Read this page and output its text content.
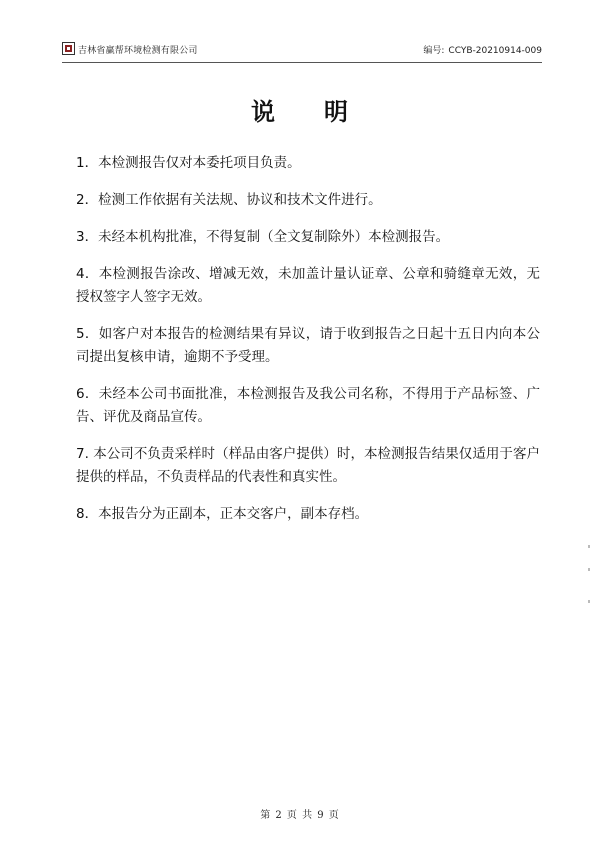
吉林省赢帮环境检测有限公司	编号: CCYB-20210914-009
说 明
1．本检测报告仅对本委托项目负责。
2．检测工作依据有关法规、协议和技术文件进行。
3．未经本机构批准，不得复制（全文复制除外）本检测报告。
4．本检测报告涂改、增减无效，未加盖计量认证章、公章和骑缝章无效，无授权签字人签字无效。
5．如客户对本报告的检测结果有异议，请于收到报告之日起十五日内向本公司提出复核申请，逾期不予受理。
6．未经本公司书面批准，本检测报告及我公司名称，不得用于产品标签、广告、评优及商品宣传。
7. 本公司不负责采样时（样品由客户提供）时，本检测报告结果仅适用于客户提供的样品，不负责样品的代表性和真实性。
8．本报告分为正副本，正本交客户，副本存档。
第 2 页 共 9 页
